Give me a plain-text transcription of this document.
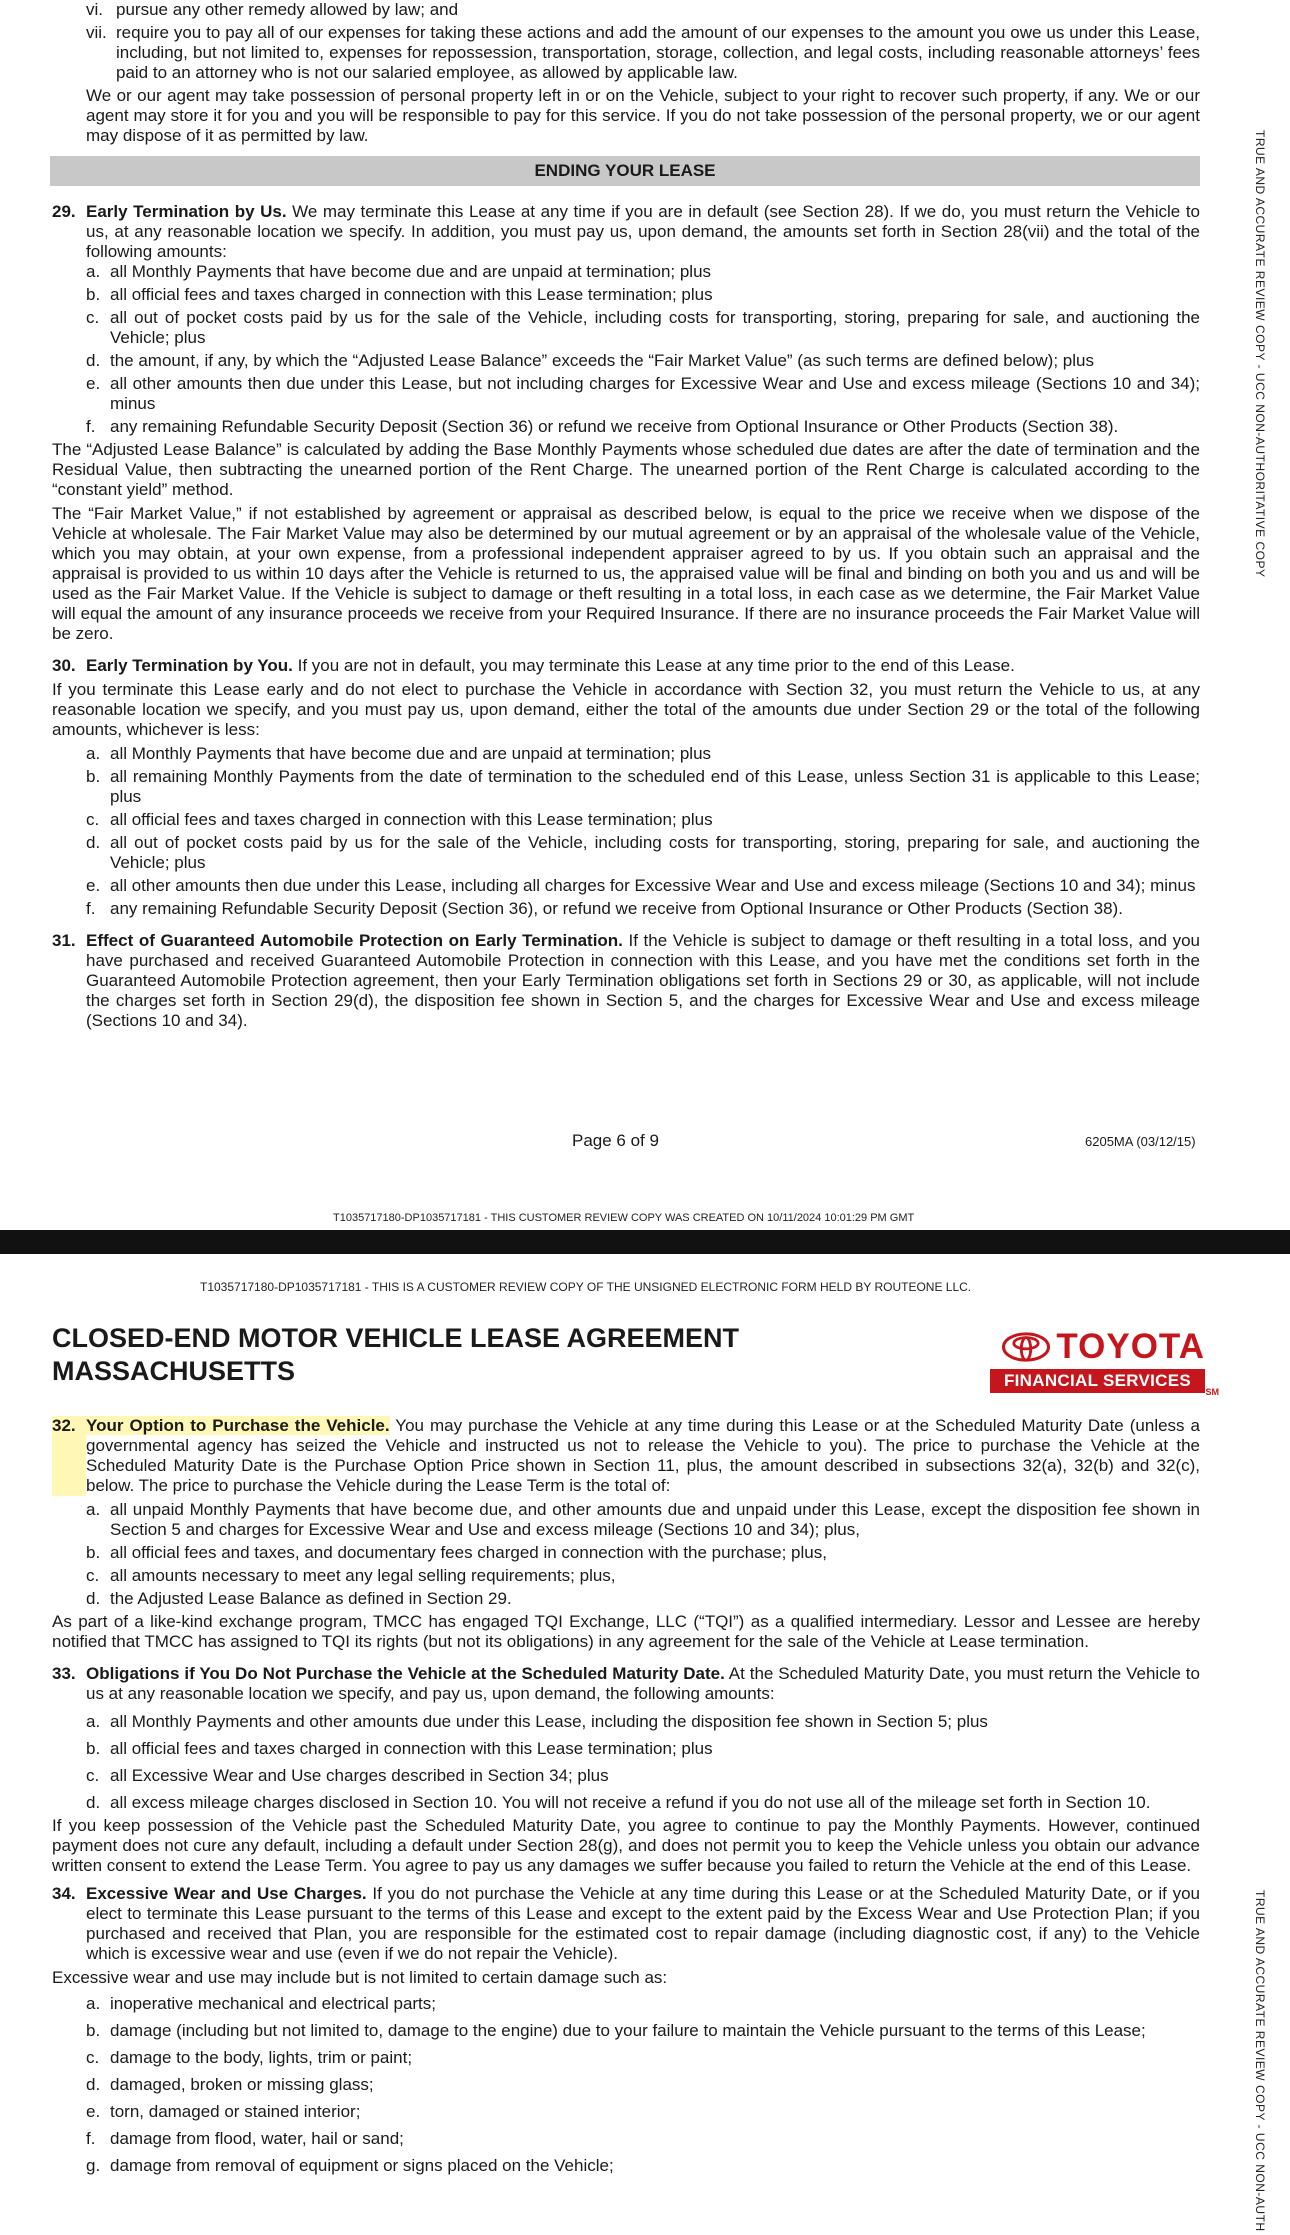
vi. pursue any other remedy allowed by law; and
vii. require you to pay all of our expenses for taking these actions and add the amount of our expenses to the amount you owe us under this Lease, including, but not limited to, expenses for repossession, transportation, storage, collection, and legal costs, including reasonable attorneys’ fees paid to an attorney who is not our salaried employee, as allowed by applicable law.

We or our agent may take possession of personal property left in or on the Vehicle, subject to your right to recover such property, if any. We or our agent may store it for you and you will be responsible to pay for this service. If you do not take possession of the personal property, we or our agent may dispose of it as permitted by law.

ENDING YOUR LEASE
29. Early Termination by Us. We may terminate this Lease at any time if you are in default (see Section 28). If we do, you must return the Vehicle to us, at any reasonable location we specify. In addition, you must pay us, upon demand, the amounts set forth in Section 28(vii) and the total of the following amounts:
a. all Monthly Payments that have become due and are unpaid at termination; plus
b. all official fees and taxes charged in connection with this Lease termination; plus
c. all out of pocket costs paid by us for the sale of the Vehicle, including costs for transporting, storing, preparing for sale, and auctioning the Vehicle; plus
d. the amount, if any, by which the “Adjusted Lease Balance” exceeds the “Fair Market Value” (as such terms are defined below); plus
e. all other amounts then due under this Lease, but not including charges for Excessive Wear and Use and excess mileage (Sections 10 and 34); minus
f. any remaining Refundable Security Deposit (Section 36) or refund we receive from Optional Insurance or Other Products (Section 38).

The “Adjusted Lease Balance” is calculated by adding the Base Monthly Payments whose scheduled due dates are after the date of termination and the Residual Value, then subtracting the unearned portion of the Rent Charge. The unearned portion of the Rent Charge is calculated according to the “constant yield” method.

The “Fair Market Value,” if not established by agreement or appraisal as described below, is equal to the price we receive when we dispose of the Vehicle at wholesale. The Fair Market Value may also be determined by our mutual agreement or by an appraisal of the wholesale value of the Vehicle, which you may obtain, at your own expense, from a professional independent appraiser agreed to by us. If you obtain such an appraisal and the appraisal is provided to us within 10 days after the Vehicle is returned to us, the appraised value will be final and binding on both you and us and will be used as the Fair Market Value. If the Vehicle is subject to damage or theft resulting in a total loss, in each case as we determine, the Fair Market Value will equal the amount of any insurance proceeds we receive from your Required Insurance. If there are no insurance proceeds the Fair Market Value will be zero.

30. Early Termination by You. If you are not in default, you may terminate this Lease at any time prior to the end of this Lease.

If you terminate this Lease early and do not elect to purchase the Vehicle in accordance with Section 32, you must return the Vehicle to us, at any reasonable location we specify, and you must pay us, upon demand, either the total of the amounts due under Section 29 or the total of the following amounts, whichever is less:

a. all Monthly Payments that have become due and are unpaid at termination; plus
b. all remaining Monthly Payments from the date of termination to the scheduled end of this Lease, unless Section 31 is applicable to this Lease; plus
c. all official fees and taxes charged in connection with this Lease termination; plus
d. all out of pocket costs paid by us for the sale of the Vehicle, including costs for transporting, storing, preparing for sale, and auctioning the Vehicle; plus
e. all other amounts then due under this Lease, including all charges for Excessive Wear and Use and excess mileage (Sections 10 and 34); minus
f. any remaining Refundable Security Deposit (Section 36), or refund we receive from Optional Insurance or Other Products (Section 38).
31. Effect of Guaranteed Automobile Protection on Early Termination. If the Vehicle is subject to damage or theft resulting in a total loss, and you have purchased and received Guaranteed Automobile Protection in connection with this Lease, and you have met the conditions set forth in the Guaranteed Automobile Protection agreement, then your Early Termination obligations set forth in Sections 29 or 30, as applicable, will not include the charges set forth in Section 29(d), the disposition fee shown in Section 5, and the charges for Excessive Wear and Use and excess mileage (Sections 10 and 34).
Page 6 of 9	6205MA (03/12/15)
T1035717180-DP1035717181 - THIS CUSTOMER REVIEW COPY WAS CREATED ON 10/11/2024 10:01:29 PM GMT
TRUE AND ACCURATE REVIEW COPY - UCC NON-AUTHORITATIVE COPY
T1035717180-DP1035717181 - THIS IS A CUSTOMER REVIEW COPY OF THE UNSIGNED ELECTRONIC FORM HELD BY ROUTEONE LLC.
CLOSED-END MOTOR VEHICLE LEASE AGREEMENT
MASSACHUSETTS
TOYOTA
FINANCIAL SERVICES
SM
32. Your Option to Purchase the Vehicle. You may purchase the Vehicle at any time during this Lease or at the Scheduled Maturity Date (unless a governmental agency has seized the Vehicle and instructed us not to release the Vehicle to you). The price to purchase the Vehicle at the Scheduled Maturity Date is the Purchase Option Price shown in Section 11, plus, the amount described in subsections 32(a), 32(b) and 32(c), below. The price to purchase the Vehicle during the Lease Term is the total of:
a. all unpaid Monthly Payments that have become due, and other amounts due and unpaid under this Lease, except the disposition fee shown in Section 5 and charges for Excessive Wear and Use and excess mileage (Sections 10 and 34); plus,
b. all official fees and taxes, and documentary fees charged in connection with the purchase; plus,
c. all amounts necessary to meet any legal selling requirements; plus,
d. the Adjusted Lease Balance as defined in Section 29.

As part of a like-kind exchange program, TMCC has engaged TQI Exchange, LLC (“TQI”) as a qualified intermediary. Lessor and Lessee are hereby notified that TMCC has assigned to TQI its rights (but not its obligations) in any agreement for the sale of the Vehicle at Lease termination.

33. Obligations if You Do Not Purchase the Vehicle at the Scheduled Maturity Date. At the Scheduled Maturity Date, you must return the Vehicle to us at any reasonable location we specify, and pay us, upon demand, the following amounts:
a. all Monthly Payments and other amounts due under this Lease, including the disposition fee shown in Section 5; plus
b. all official fees and taxes charged in connection with this Lease termination; plus
c. all Excessive Wear and Use charges described in Section 34; plus
d. all excess mileage charges disclosed in Section 10. You will not receive a refund if you do not use all of the mileage set forth in Section 10.

If you keep possession of the Vehicle past the Scheduled Maturity Date, you agree to continue to pay the Monthly Payments. However, continued payment does not cure any default, including a default under Section 28(g), and does not permit you to keep the Vehicle unless you obtain our advance written consent to extend the Lease Term. You agree to pay us any damages we suffer because you failed to return the Vehicle at the end of this Lease.

34. Excessive Wear and Use Charges. If you do not purchase the Vehicle at any time during this Lease or at the Scheduled Maturity Date, or if you elect to terminate this Lease pursuant to the terms of this Lease and except to the extent paid by the Excess Wear and Use Protection Plan; if you purchased and received that Plan, you are responsible for the estimated cost to repair damage (including diagnostic cost, if any) to the Vehicle which is excessive wear and use (even if we do not repair the Vehicle).

Excessive wear and use may include but is not limited to certain damage such as:

a. inoperative mechanical and electrical parts;
b. damage (including but not limited to, damage to the engine) due to your failure to maintain the Vehicle pursuant to the terms of this Lease;
c. damage to the body, lights, trim or paint;
d. damaged, broken or missing glass;
e. torn, damaged or stained interior;
f. damage from flood, water, hail or sand;
g. damage from removal of equipment or signs placed on the Vehicle;	TRUE AND ACCURATE REVIEW COPY - UCC NON-AUTH
